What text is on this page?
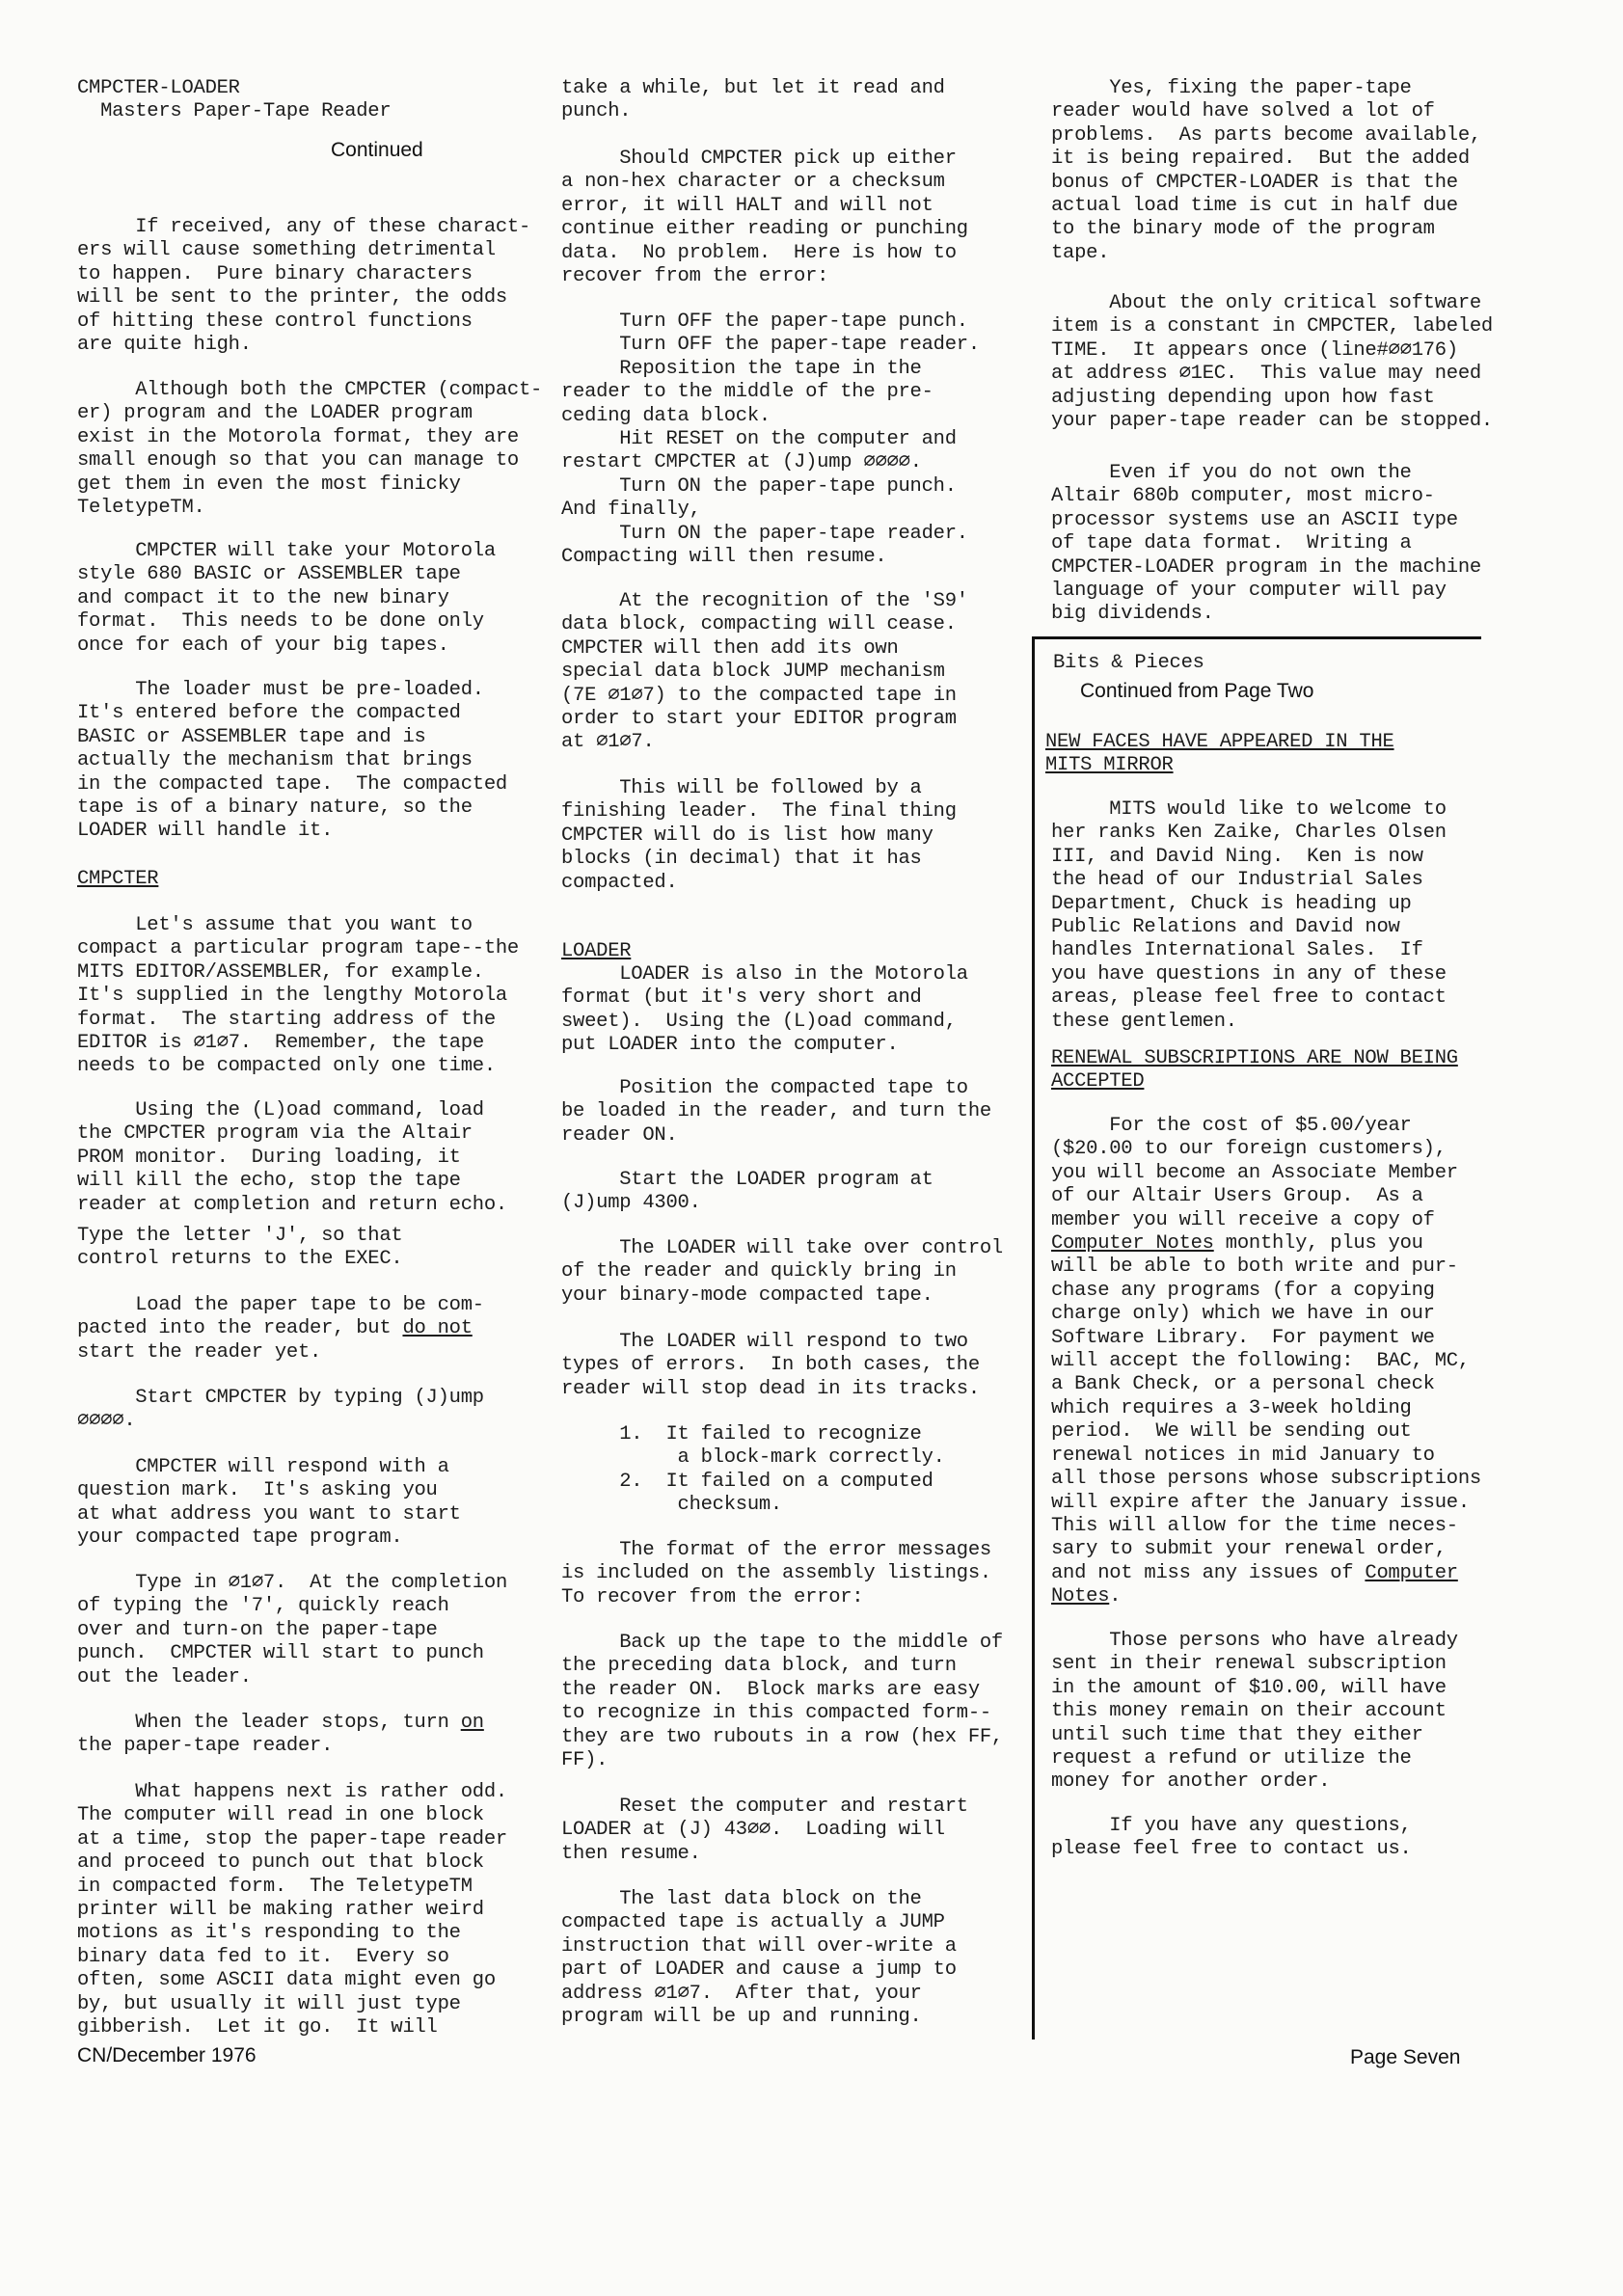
CMPCTER-LOADER

Masters Paper-Tape Reader

Continued

If received, any of these charact-
ers will cause something detrimental
to happen.  Pure binary characters
will be sent to the printer, the odds
of hitting these control functions
are quite high.

Although both the CMPCTER (compact-
er) program and the LOADER program
exist in the Motorola format, they are
small enough so that you can manage to
get them in even the most finicky
TeletypeTM.

CMPCTER will take your Motorola
style 680 BASIC or ASSEMBLER tape
and compact it to the new binary
format.  This needs to be done only
once for each of your big tapes.

The loader must be pre-loaded.
It's entered before the compacted
BASIC or ASSEMBLER tape and is
actually the mechanism that brings
in the compacted tape.  The compacted
tape is of a binary nature, so the
LOADER will handle it.

CMPCTER

Let's assume that you want to
compact a particular program tape--the
MITS EDITOR/ASSEMBLER, for example.
It's supplied in the lengthy Motorola
format.  The starting address of the
EDITOR is ∅1∅7.  Remember, the tape
needs to be compacted only one time.

Using the (L)oad command, load
the CMPCTER program via the Altair
PROM monitor.  During loading, it
will kill the echo, stop the tape
reader at completion and return echo.

Type the letter 'J', so that
control returns to the EXEC.

Load the paper tape to be com-
pacted into the reader, but do not
start the reader yet.

Start CMPCTER by typing (J)ump
∅∅∅∅.

CMPCTER will respond with a
question mark.  It's asking you
at what address you want to start
your compacted tape program.

Type in ∅1∅7.  At the completion
of typing the '7', quickly reach
over and turn-on the paper-tape
punch.  CMPCTER will start to punch
out the leader.

When the leader stops, turn on
the paper-tape reader.

What happens next is rather odd.
The computer will read in one block
at a time, stop the paper-tape reader
and proceed to punch out that block
in compacted form.  The TeletypeTM
printer will be making rather weird
motions as it's responding to the
binary data fed to it.  Every so
often, some ASCII data might even go
by, but usually it will just type
gibberish.  Let it go.  It will

take a while, but let it read and
punch.

Should CMPCTER pick up either
a non-hex character or a checksum
error, it will HALT and will not
continue either reading or punching
data.  No problem.  Here is how to
recover from the error:

Turn OFF the paper-tape punch.
Turn OFF the paper-tape reader.
Reposition the tape in the
reader to the middle of the pre-
ceding data block.
Hit RESET on the computer and
restart CMPCTER at (J)ump ∅∅∅∅.
Turn ON the paper-tape punch.
And finally,
Turn ON the paper-tape reader.
Compacting will then resume.

At the recognition of the 'S9'
data block, compacting will cease.
CMPCTER will then add its own
special data block JUMP mechanism
(7E ∅1∅7) to the compacted tape in
order to start your EDITOR program
at ∅1∅7.

This will be followed by a
finishing leader.  The final thing
CMPCTER will do is list how many
blocks (in decimal) that it has
compacted.

LOADER

LOADER is also in the Motorola
format (but it's very short and
sweet).  Using the (L)oad command,
put LOADER into the computer.

Position the compacted tape to
be loaded in the reader, and turn the
reader ON.

Start the LOADER program at
(J)ump 4300.

The LOADER will take over control
of the reader and quickly bring in
your binary-mode compacted tape.

The LOADER will respond to two
types of errors.  In both cases, the
reader will stop dead in its tracks.

1.  It failed to recognize
a block-mark correctly.
2.  It failed on a computed
checksum.

The format of the error messages
is included on the assembly listings.
To recover from the error:

Back up the tape to the middle of
the preceding data block, and turn
the reader ON.  Block marks are easy
to recognize in this compacted form--
they are two rubouts in a row (hex FF,
FF).

Reset the computer and restart
LOADER at (J) 43∅∅.  Loading will
then resume.

The last data block on the
compacted tape is actually a JUMP
instruction that will over-write a
part of LOADER and cause a jump to
address ∅1∅7.  After that, your
program will be up and running.

Yes, fixing the paper-tape
reader would have solved a lot of
problems.  As parts become available,
it is being repaired.  But the added
bonus of CMPCTER-LOADER is that the
actual load time is cut in half due
to the binary mode of the program
tape.

About the only critical software
item is a constant in CMPCTER, labeled
TIME.  It appears once (line#∅∅176)
at address ∅1EC.  This value may need
adjusting depending upon how fast
your paper-tape reader can be stopped.

Even if you do not own the
Altair 680b computer, most micro-
processor systems use an ASCII type
of tape data format.  Writing a
CMPCTER-LOADER program in the machine
language of your computer will pay
big dividends.

Bits & Pieces

Continued from Page Two

NEW FACES HAVE APPEARED IN THE

MITS MIRROR

MITS would like to welcome to
her ranks Ken Zaike, Charles Olsen
III, and David Ning.  Ken is now
the head of our Industrial Sales
Department, Chuck is heading up
Public Relations and David now
handles International Sales.  If
you have questions in any of these
areas, please feel free to contact
these gentlemen.

RENEWAL SUBSCRIPTIONS ARE NOW BEING

ACCEPTED

For the cost of $5.00/year
($20.00 to our foreign customers),
you will become an Associate Member
of our Altair Users Group.  As a
member you will receive a copy of
Computer Notes monthly, plus you
will be able to both write and pur-
chase any programs (for a copying
charge only) which we have in our
Software Library.  For payment we
will accept the following:  BAC, MC,
a Bank Check, or a personal check
which requires a 3-week holding
period.  We will be sending out
renewal notices in mid January to
all those persons whose subscriptions
will expire after the January issue.
This will allow for the time neces-
sary to submit your renewal order,
and not miss any issues of Computer
Notes.

Those persons who have already
sent in their renewal subscription
in the amount of $10.00, will have
this money remain on their account
until such time that they either
request a refund or utilize the
money for another order.

If you have any questions,
please feel free to contact us.

CN/December 1976	Page Seven
